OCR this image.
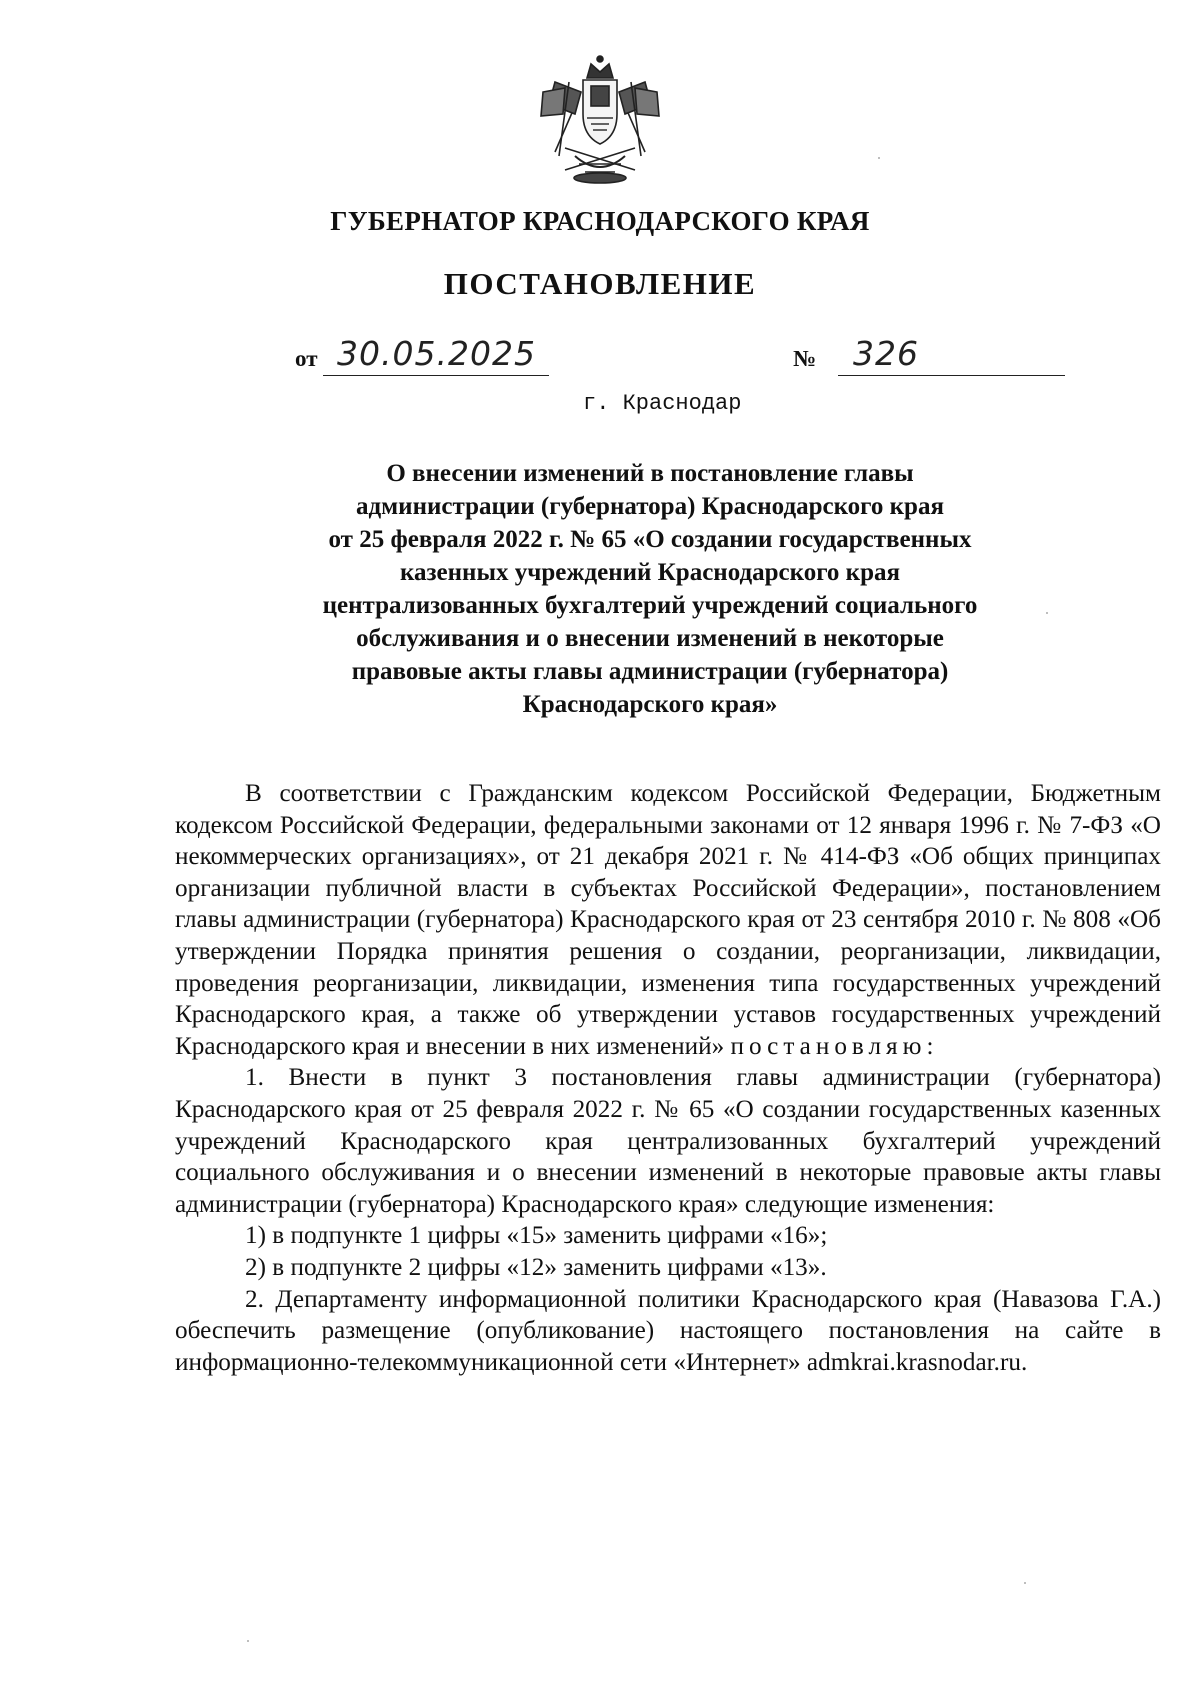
ГУБЕРНАТОР КРАСНОДАРСКОГО КРАЯ
ПОСТАНОВЛЕНИЕ
от 30.05.2025	№ 326
г. Краснодар
О внесении изменений в постановление главы
администрации (губернатора) Краснодарского края
от 25 февраля 2022 г. № 65 «О создании государственных
казенных учреждений Краснодарского края
централизованных бухгалтерий учреждений социального
обслуживания и о внесении изменений в некоторые
правовые акты главы администрации (губернатора)
Краснодарского края»

В соответствии с Гражданским кодексом Российской Федерации, Бюджетным кодексом Российской Федерации, федеральными законами от 12 января 1996 г. № 7-ФЗ «О некоммерческих организациях», от 21 декабря 2021 г. № 414-ФЗ «Об общих принципах организации публичной власти в субъектах Российской Федерации», постановлением главы администрации (губернатора) Краснодарского края от 23 сентября 2010 г. № 808 «Об утверждении Порядка принятия решения о создании, реорганизации, ликвидации, проведения реорганизации, ликвидации, изменения типа государственных учреждений Краснодарского края, а также об утверждении уставов государственных учреждений Краснодарского края и внесении в них изменений» постановляю:

1. Внести в пункт 3 постановления главы администрации (губернатора) Краснодарского края от 25 февраля 2022 г. № 65 «О создании государственных казенных учреждений Краснодарского края централизованных бухгалтерий учреждений социального обслуживания и о внесении изменений в некоторые правовые акты главы администрации (губернатора) Краснодарского края» следующие изменения:

1) в подпункте 1 цифры «15» заменить цифрами «16»;

2) в подпункте 2 цифры «12» заменить цифрами «13».

2. Департаменту информационной политики Краснодарского края (Навазова Г.А.) обеспечить размещение (опубликование) настоящего постановления на сайте в информационно-телекоммуникационной сети «Интернет» admkrai.krasnodar.ru.
